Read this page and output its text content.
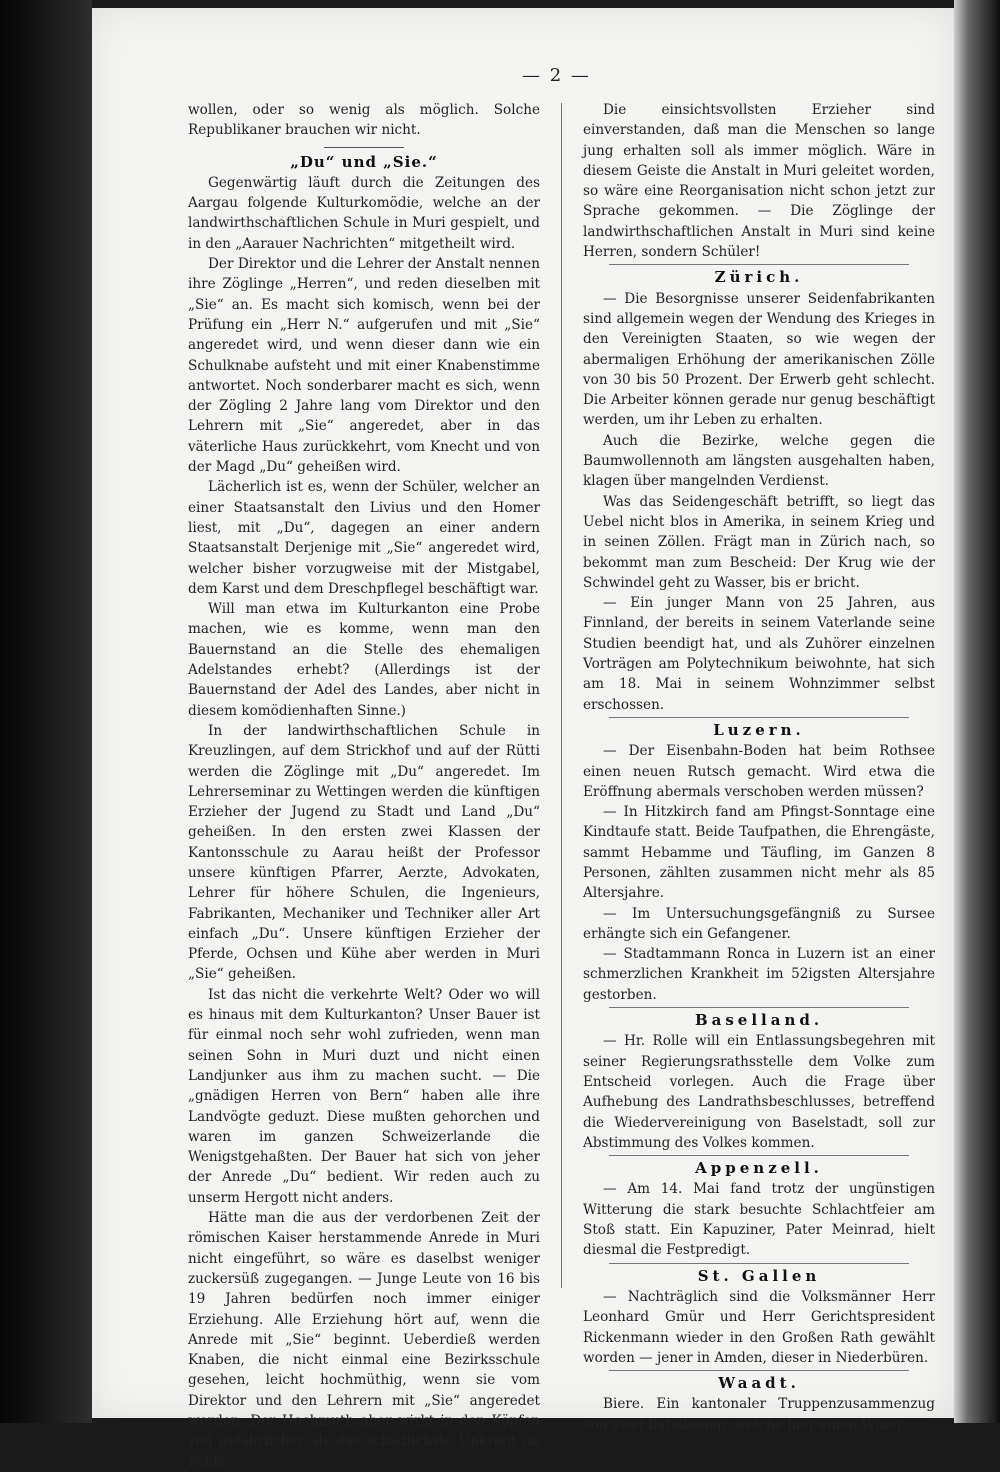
— 2 —

wollen, oder so wenig als möglich. Solche Republikaner brauchen wir nicht.

„Du“ und „Sie.“

Gegenwärtig läuft durch die Zeitungen des Aargau folgende Kulturkomödie, welche an der landwirthschaftlichen Schule in Muri gespielt, und in den „Aarauer Nachrichten“ mitgetheilt wird.

Der Direktor und die Lehrer der Anstalt nennen ihre Zöglinge „Herren“, und reden dieselben mit „Sie“ an. Es macht sich komisch, wenn bei der Prüfung ein „Herr N.“ aufgerufen und mit „Sie“ angeredet wird, und wenn dieser dann wie ein Schulknabe aufsteht und mit einer Knabenstimme antwortet. Noch sonderbarer macht es sich, wenn der Zögling 2 Jahre lang vom Direktor und den Lehrern mit „Sie“ angeredet, aber in das väterliche Haus zurückkehrt, vom Knecht und von der Magd „Du“ geheißen wird.

Lächerlich ist es, wenn der Schüler, welcher an einer Staatsanstalt den Livius und den Homer liest, mit „Du“, dagegen an einer andern Staatsanstalt Derjenige mit „Sie“ angeredet wird, welcher bisher vorzugweise mit der Mistgabel, dem Karst und dem Dreschpflegel beschäftigt war.

Will man etwa im Kulturkanton eine Probe machen, wie es komme, wenn man den Bauernstand an die Stelle des ehemaligen Adelstandes erhebt? (Allerdings ist der Bauernstand der Adel des Landes, aber nicht in diesem komödienhaften Sinne.)

In der landwirthschaftlichen Schule in Kreuzlingen, auf dem Strickhof und auf der Rütti werden die Zöglinge mit „Du“ angeredet. Im Lehrerseminar zu Wettingen werden die künftigen Erzieher der Jugend zu Stadt und Land „Du“ geheißen. In den ersten zwei Klassen der Kantonsschule zu Aarau heißt der Professor unsere künftigen Pfarrer, Aerzte, Advokaten, Lehrer für höhere Schulen, die Ingenieurs, Fabrikanten, Mechaniker und Techniker aller Art einfach „Du“. Unsere künftigen Erzieher der Pferde, Ochsen und Kühe aber werden in Muri „Sie“ geheißen.

Ist das nicht die verkehrte Welt? Oder wo will es hinaus mit dem Kulturkanton? Unser Bauer ist für einmal noch sehr wohl zufrieden, wenn man seinen Sohn in Muri duzt und nicht einen Landjunker aus ihm zu machen sucht. — Die „gnädigen Herren von Bern“ haben alle ihre Landvögte geduzt. Diese mußten gehorchen und waren im ganzen Schweizerlande die Wenigstgehaßten. Der Bauer hat sich von jeher der Anrede „Du“ bedient. Wir reden auch zu unserm Hergott nicht anders.

Hätte man die aus der verdorbenen Zeit der römischen Kaiser herstammende Anrede in Muri nicht eingeführt, so wäre es daselbst weniger zuckersüß zugegangen. — Junge Leute von 16 bis 19 Jahren bedürfen noch immer einiger Erziehung. Alle Erziehung hört auf, wenn die Anrede mit „Sie“ beginnt. Ueberdieß werden Knaben, die nicht einmal eine Bezirksschule gesehen, leicht hochmüthig, wenn sie vom Direktor und den Lehrern mit „Sie“ angeredet werden. Der Hochmuth aber wirkt in den Köpfen viel gefährlicher als das schädlichste Unkraut im Felde.

Die einsichtsvollsten Erzieher sind einverstanden, daß man die Menschen so lange jung erhalten soll als immer möglich. Wäre in diesem Geiste die Anstalt in Muri geleitet worden, so wäre eine Reorganisation nicht schon jetzt zur Sprache gekommen. — Die Zöglinge der landwirthschaftlichen Anstalt in Muri sind keine Herren, sondern Schüler!

Zürich.

— Die Besorgnisse unserer Seidenfabrikanten sind allgemein wegen der Wendung des Krieges in den Vereinigten Staaten, so wie wegen der abermaligen Erhöhung der amerikanischen Zölle von 30 bis 50 Prozent. Der Erwerb geht schlecht. Die Arbeiter können gerade nur genug beschäftigt werden, um ihr Leben zu erhalten.

Auch die Bezirke, welche gegen die Baumwollennoth am längsten ausgehalten haben, klagen über mangelnden Verdienst.

Was das Seidengeschäft betrifft, so liegt das Uebel nicht blos in Amerika, in seinem Krieg und in seinen Zöllen. Frägt man in Zürich nach, so bekommt man zum Bescheid: Der Krug wie der Schwindel geht zu Wasser, bis er bricht.

— Ein junger Mann von 25 Jahren, aus Finnland, der bereits in seinem Vaterlande seine Studien beendigt hat, und als Zuhörer einzelnen Vorträgen am Polytechnikum beiwohnte, hat sich am 18. Mai in seinem Wohnzimmer selbst erschossen.

Luzern.

— Der Eisenbahn-Boden hat beim Rothsee einen neuen Rutsch gemacht. Wird etwa die Eröffnung abermals verschoben werden müssen?

— In Hitzkirch fand am Pfingst-Sonntage eine Kindtaufe statt. Beide Taufpathen, die Ehrengäste, sammt Hebamme und Täufling, im Ganzen 8 Personen, zählten zusammen nicht mehr als 85 Altersjahre.

— Im Untersuchungsgefängniß zu Sursee erhängte sich ein Gefangener.

— Stadtammann Ronca in Luzern ist an einer schmerzlichen Krankheit im 52igsten Altersjahre gestorben.

Baselland.

— Hr. Rolle will ein Entlassungsbegehren mit seiner Regierungsrathsstelle dem Volke zum Entscheid vorlegen. Auch die Frage über Aufhebung des Landrathsbeschlusses, betreffend die Wiedervereinigung von Baselstadt, soll zur Abstimmung des Volkes kommen.

Appenzell.

— Am 14. Mai fand trotz der ungünstigen Witterung die stark besuchte Schlachtfeier am Stoß statt. Ein Kapuziner, Pater Meinrad, hielt diesmal die Festpredigt.

St. Gallen

— Nachträglich sind die Volksmänner Herr Leonhard Gmür und Herr Gerichtspresident Rickenmann wieder in den Großen Rath gewählt worden — jener in Amden, dieser in Niederbüren.

Waadt.

Biere. Ein kantonaler Truppenzusammenzug von zwei Bataillonen, welche hier einen Wider-
